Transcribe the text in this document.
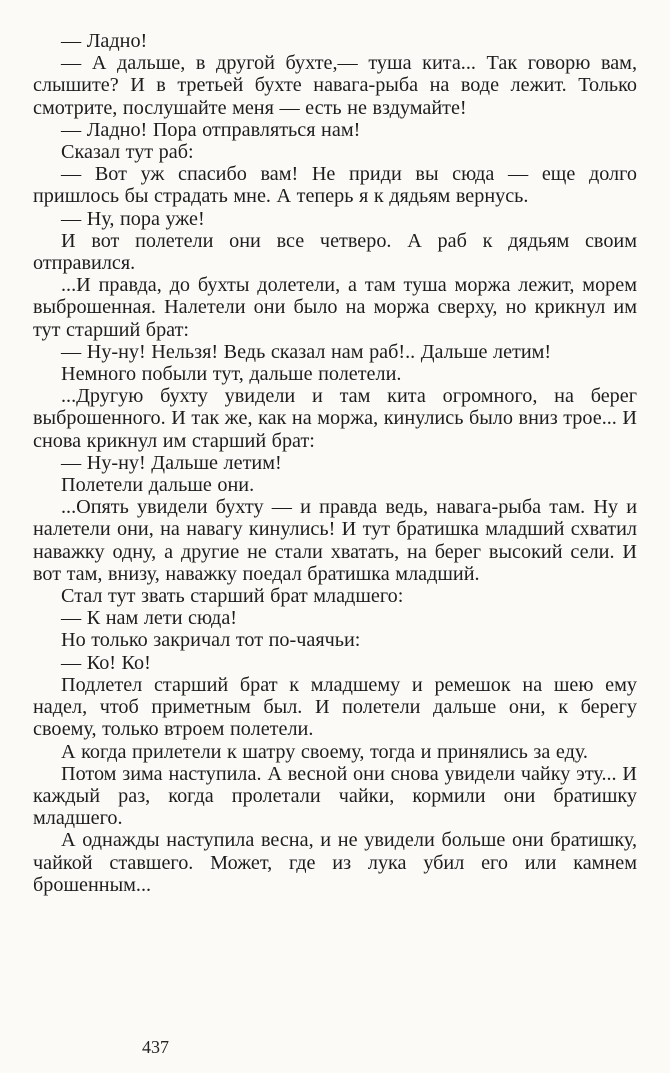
— Ладно!

— А дальше, в другой бухте,— туша кита... Так говорю вам, слышите? И в третьей бухте навага-рыба на воде лежит. Только смотрите, послушайте меня — есть не вздумайте!

— Ладно! Пора отправляться нам!

Сказал тут раб:

— Вот уж спасибо вам! Не приди вы сюда — еще долго пришлось бы страдать мне. А теперь я к дядьям вернусь.

— Ну, пора уже!

И вот полетели они все четверо. А раб к дядьям своим отправился.

...И правда, до бухты долетели, а там туша моржа лежит, морем выброшенная. Налетели они было на моржа сверху, но крикнул им тут старший брат:

— Ну-ну! Нельзя! Ведь сказал нам раб!.. Дальше летим!

Немного побыли тут, дальше полетели.

...Другую бухту увидели и там кита огромного, на берег выброшенного. И так же, как на моржа, кинулись было вниз трое... И снова крикнул им старший брат:

— Ну-ну! Дальше летим!

Полетели дальше они.

...Опять увидели бухту — и правда ведь, навага-рыба там. Ну и налетели они, на навагу кинулись! И тут братишка младший схватил наважку одну, а другие не стали хватать, на берег высокий сели. И вот там, внизу, наважку поедал братишка младший.

Стал тут звать старший брат младшего:

— К нам лети сюда!

Но только закричал тот по-чаячьи:

— Ко! Ко!

Подлетел старший брат к младшему и ремешок на шею ему надел, чтоб приметным был. И полетели дальше они, к берегу своему, только втроем полетели.

А когда прилетели к шатру своему, тогда и принялись за еду.

Потом зима наступила. А весной они снова увидели чайку эту... И каждый раз, когда пролетали чайки, кормили они братишку младшего.

А однажды наступила весна, и не увидели больше они братишку, чайкой ставшего. Может, где из лука убил его или камнем брошенным...

437
